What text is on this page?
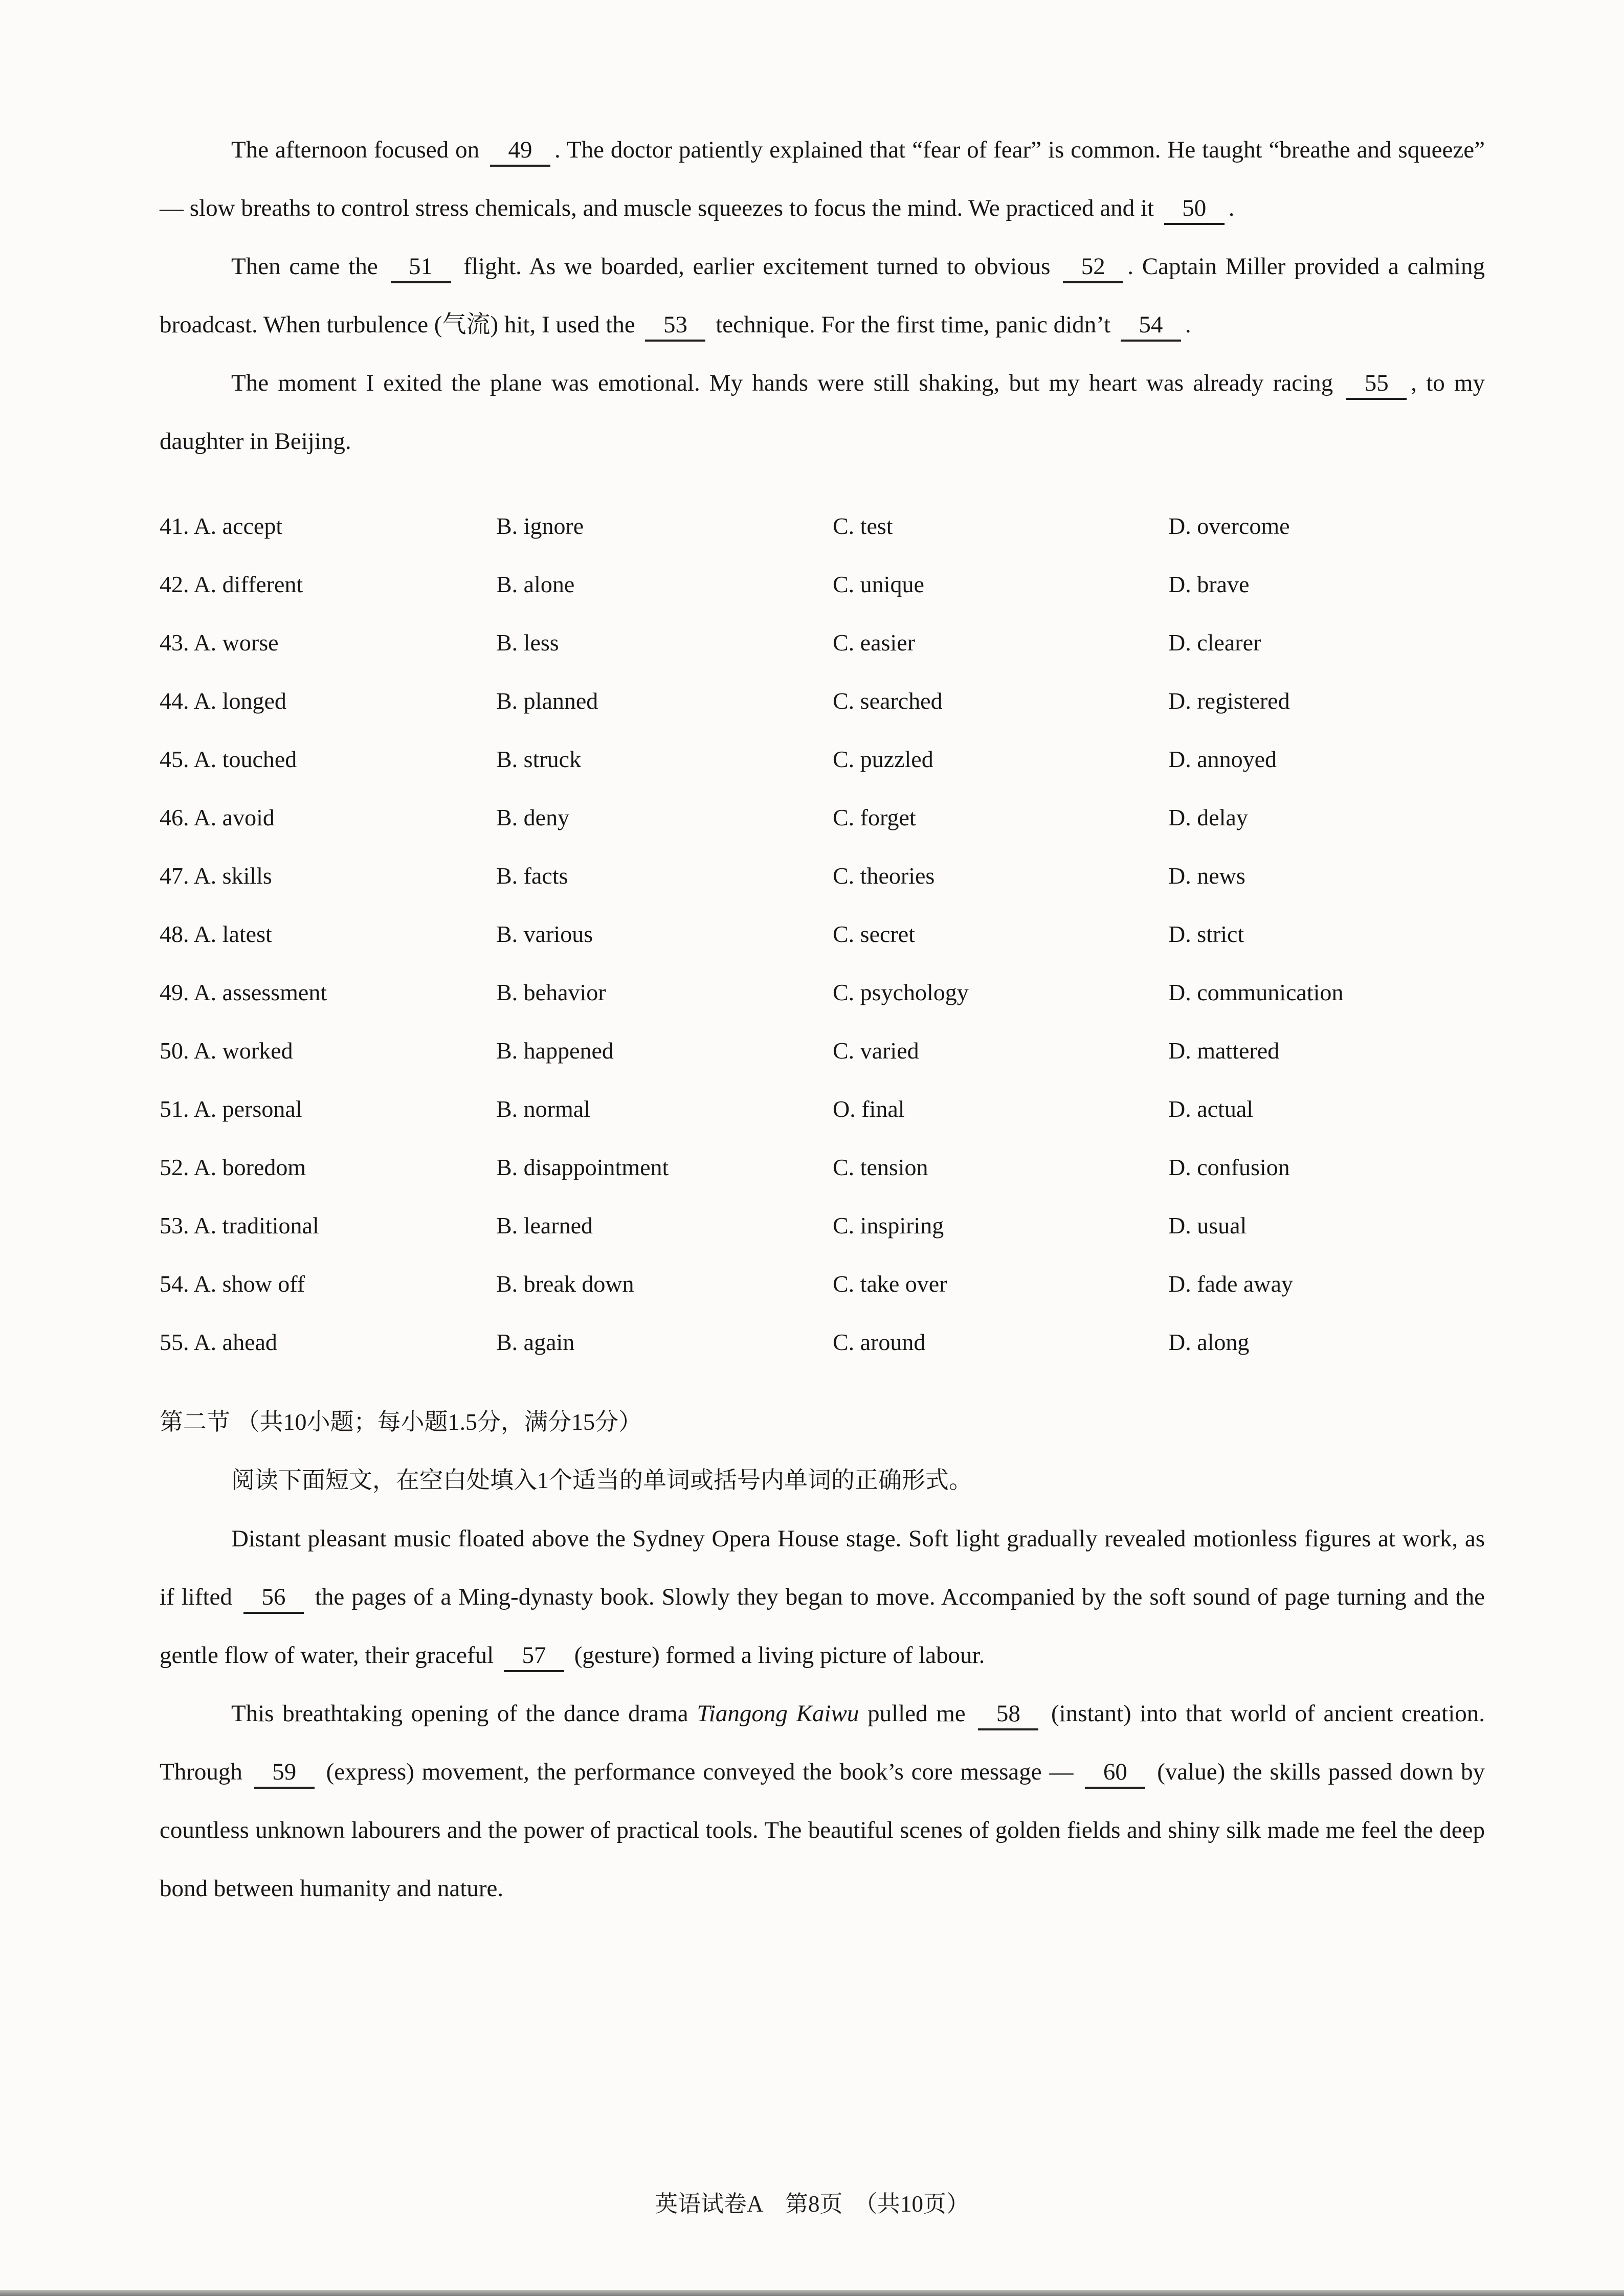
The afternoon focused on 49 . The doctor patiently explained that “fear of fear” is common. He taught “breathe and squeeze” — slow breaths to control stress chemicals, and muscle squeezes to focus the mind. We practiced and it 50 .

Then came the 51 flight. As we boarded, earlier excitement turned to obvious 52 . Captain Miller provided a calming broadcast. When turbulence (气流) hit, I used the 53 technique. For the first time, panic didn’t 54 .

The moment I exited the plane was emotional. My hands were still shaking, but my heart was already racing 55 , to my daughter in Beijing.

41. A. accept	B. ignore	C. test	D. overcome
42. A. different	B. alone	C. unique	D. brave
43. A. worse	B. less	C. easier	D. clearer
44. A. longed	B. planned	C. searched	D. registered
45. A. touched	B. struck	C. puzzled	D. annoyed
46. A. avoid	B. deny	C. forget	D. delay
47. A. skills	B. facts	C. theories	D. news
48. A. latest	B. various	C. secret	D. strict
49. A. assessment	B. behavior	C. psychology	D. communication
50. A. worked	B. happened	C. varied	D. mattered
51. A. personal	B. normal	O. final	D. actual
52. A. boredom	B. disappointment	C. tension	D. confusion
53. A. traditional	B. learned	C. inspiring	D. usual
54. A. show off	B. break down	C. take over	D. fade away
55. A. ahead	B. again	C. around	D. along

第二节 （共10小题；每小题1.5分，满分15分）

阅读下面短文，在空白处填入1个适当的单词或括号内单词的正确形式。

Distant pleasant music floated above the Sydney Opera House stage. Soft light gradually revealed motionless figures at work, as if lifted 56 the pages of a Ming-dynasty book. Slowly they began to move. Accompanied by the soft sound of page turning and the gentle flow of water, their graceful 57 (gesture) formed a living picture of labour.

This breathtaking opening of the dance drama Tiangong Kaiwu pulled me 58 (instant) into that world of ancient creation. Through 59 (express) movement, the performance conveyed the book’s core message — 60 (value) the skills passed down by countless unknown labourers and the power of practical tools. The beautiful scenes of golden fields and shiny silk made me feel the deep bond between humanity and nature.

英语试卷A　第8页　（共10页）
